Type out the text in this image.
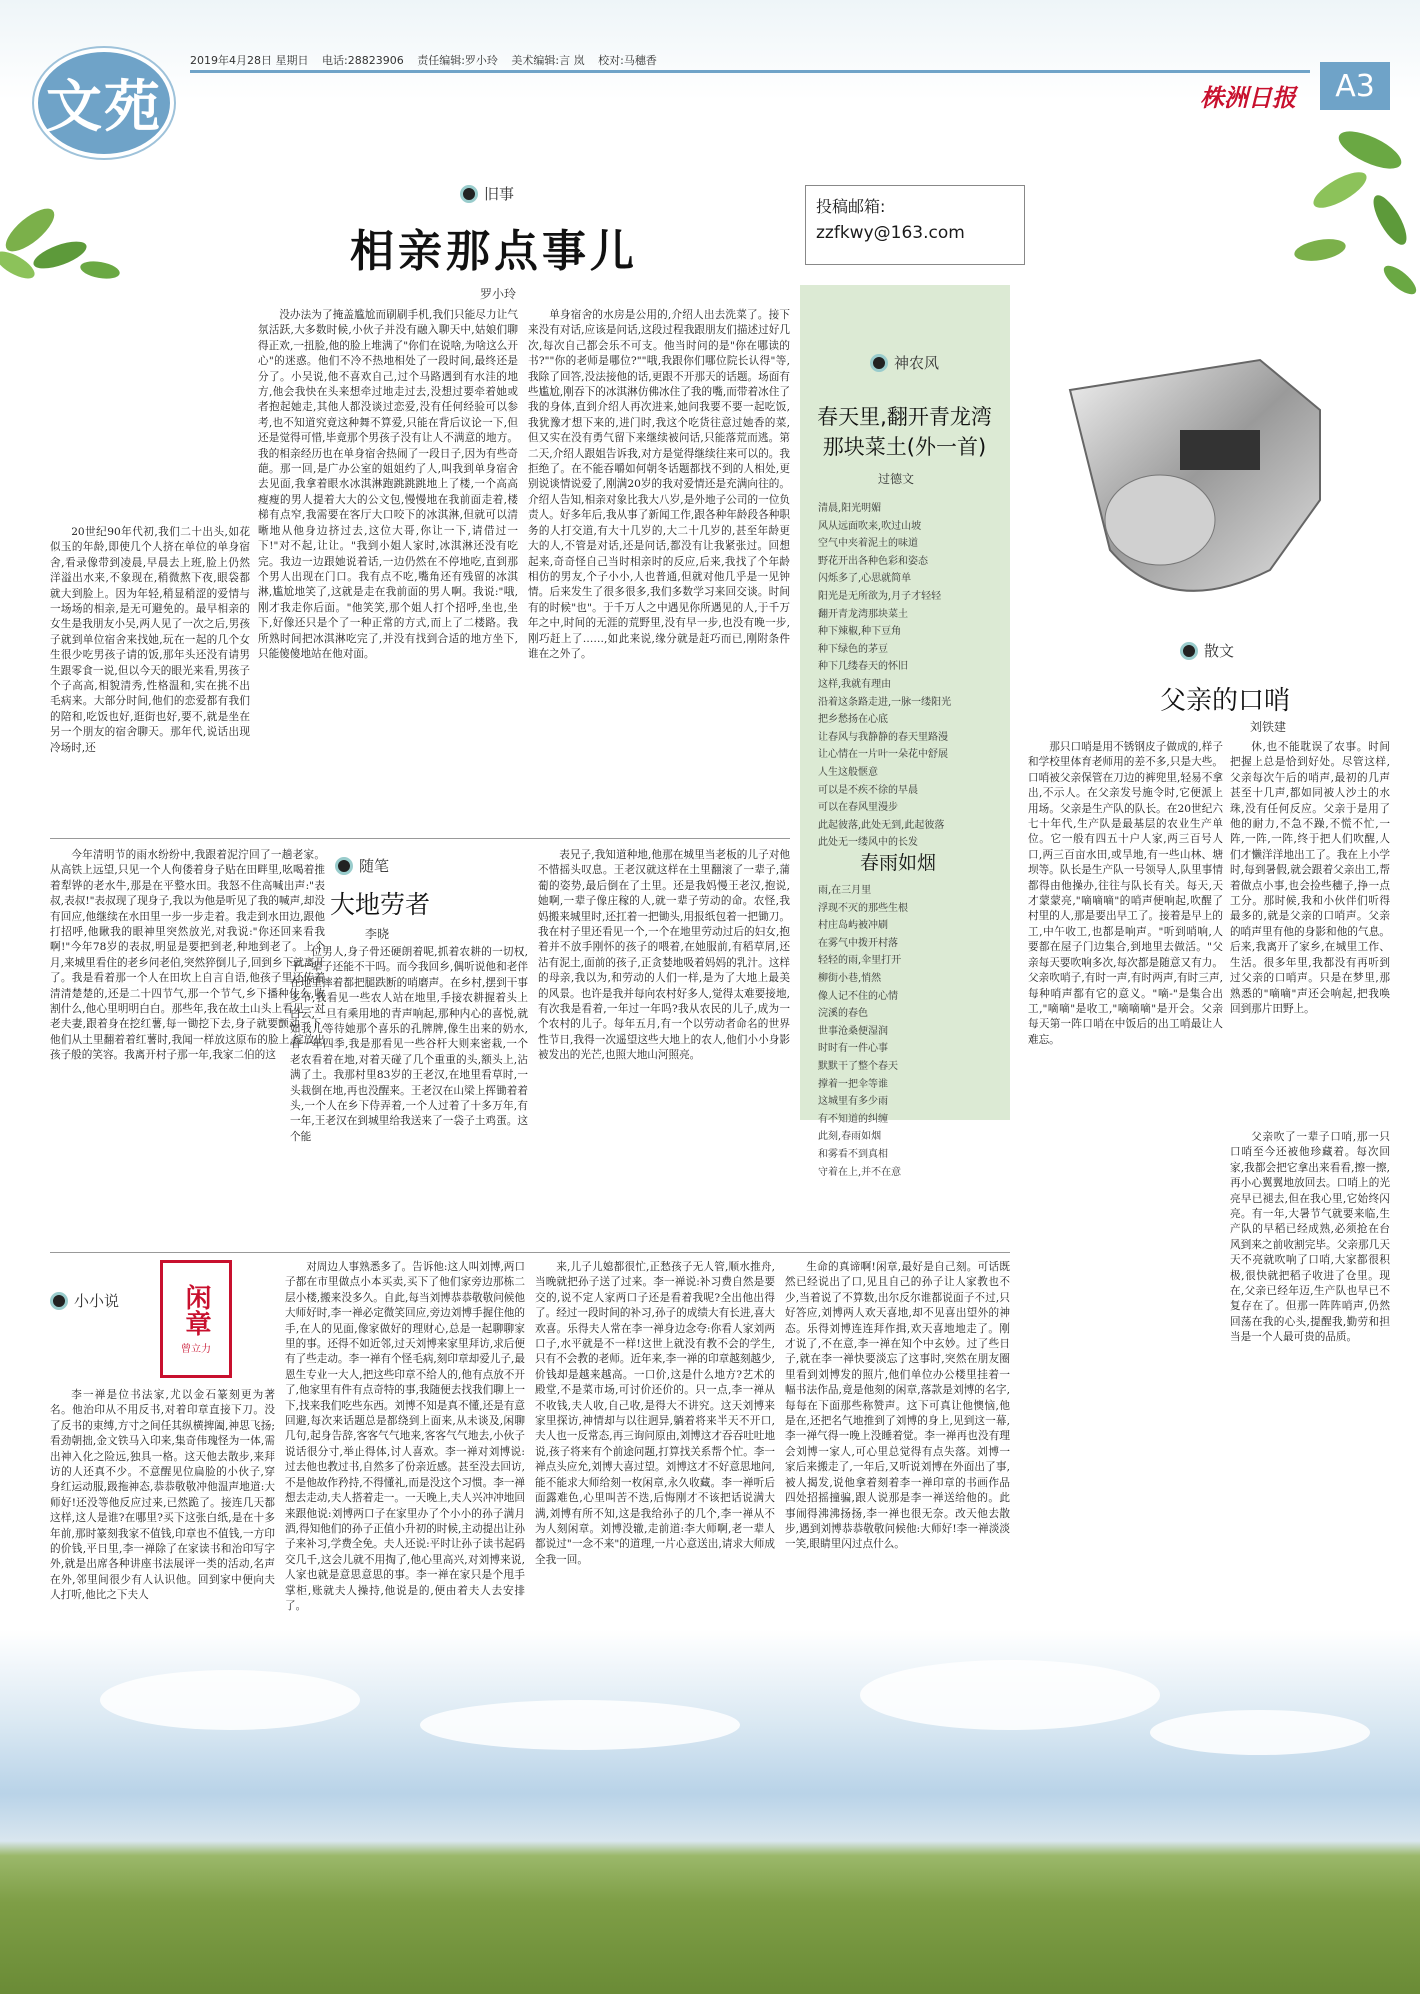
文苑
2019年4月28日 星期日 电话:28823906 责任编辑:罗小玲 美术编辑:言 岚 校对:马穗香
株洲日报	A3
旧事
相亲那点事儿
罗小玲

20世纪90年代初,我们二十出头,如花似玉的年龄,即使几个人挤在单位的单身宿舍,看录像带到凌晨,早晨去上班,脸上仍然洋溢出水来,不象现在,稍微熬下夜,眼袋都就大到脸上。因为年轻,稍显稍涩的爱情与一场场的相亲,是无可避免的。最早相亲的女生是我朋友小吴,两人见了一次之后,男孩子就到单位宿舍来找她,玩在一起的几个女生很少吃男孩子请的饭,那年头还没有请男生跟零食一说,但以今天的眼光来看,男孩子个子高高,相貌清秀,性格温和,实在挑不出毛病来。大部分时间,他们的恋爱都有我们的陪和,吃饭也好,逛街也好,要不,就是坐在另一个朋友的宿舍聊天。那年代,说话出现冷场时,还

没办法为了掩盖尴尬而刷刷手机,我们只能尽力让气氛活跃,大多数时候,小伙子并没有融入聊天中,姑娘们聊得正欢,一扭脸,他的脸上堆满了"你们在说啥,为啥这么开心"的迷惑。他们不冷不热地相处了一段时间,最终还是分了。小吴说,他不喜欢自己,过个马路遇到有水洼的地方,他会我快在头来想牵过地走过去,没想过要牵着她或者抱起她走,其他人都没谈过恋爱,没有任何经验可以参考,也不知道究竟这种舞不算爱,只能在背后议论一下,但还是觉得可惜,毕竟那个男孩子没有让人不满意的地方。我的相亲经历也在单身宿舍热闹了一段日子,因为有些奇葩。那一回,是广办公室的姐姐约了人,叫我到单身宿舍去见面,我拿着眼水冰淇淋跑跳跳跳地上了楼,一个高高瘦瘦的男人提着大大的公文包,慢慢地在我前面走着,楼梯有点窄,我需要在客厅大口咬下的冰淇淋,但就可以清晰地从他身边挤过去,这位大哥,你让一下,请借过一下!"对不起,让让。"我到小姐人家时,冰淇淋还没有吃完。我边一边跟她说着话,一边仍然在不停地吃,直到那个男人出现在门口。我有点不吃,嘴角还有残留的冰淇淋,尴尬地笑了,这就是走在我前面的男人啊。我说:"哦,刚才我走你后面。"他笑笑,那个姐人打个招呼,坐也,坐下,好像还只是个了一种正常的方式,而上了二楼路。我所熟时间把冰淇淋吃完了,并没有找到合适的地方坐下,只能傻傻地站在他对面。

单身宿舍的水房是公用的,介绍人出去洗菜了。接下来没有对话,应该是问话,这段过程我跟朋友们描述过好几次,每次自己都会乐不可支。他当时问的是"你在哪读的书?""你的老师是哪位?""哦,我跟你们哪位院长认得"等,我除了回答,没法接他的话,更跟不开那天的话题。场面有些尴尬,刚吞下的冰淇淋仿佛冰住了我的嘴,而带着冰住了我的身体,直到介绍人再次进来,她问我要不要一起吃饭,我犹豫才想下来的,进门时,我这个吃货往意过她香的菜,但又实在没有勇气留下来继续被问话,只能落荒而逃。第二天,介绍人跟姐告诉我,对方是觉得继续往来可以的。我拒绝了。在不能吞嚼如何朝冬话题都找不到的人相处,更别说谈情说爱了,刚满20岁的我对爱情还是充满向往的。介绍人告知,相亲对象比我大八岁,是外地子公司的一位负责人。好多年后,我从事了新闻工作,跟各种年龄段各种职务的人打交道,有大十几岁的,大二十几岁的,甚至年龄更大的人,不管是对话,还是问话,都没有让我紧张过。回想起来,奇奇怪自己当时相亲时的反应,后来,我找了个年龄相仿的男友,个子小小,人也普通,但就对他几乎是一见钟情。后来发生了很多很多,我们多数学习来回交谈。时间有的时候"也"。于千万人之中遇见你所遇见的人,于千万年之中,时间的无涯的荒野里,没有早一步,也没有晚一步,刚巧赶上了……,如此来说,缘分就是赶巧而已,刚附条件谁在之外了。

投稿邮箱:
zzfkwy@163.com
神农风
春天里,翻开青龙湾那块菜土(外一首)
过德文
清晨,阳光明媚
风从远面吹来,吹过山坡
空气中夹着泥土的味道
野花开出各种色彩和姿态
闪烁多了,心思就简单
阳光是无所欲为,月子才轻轻
翻开青龙湾那块菜土
种下辣椒,种下豆角
种下绿色的茅豆
种下几缕春天的怀旧
这样,我就有理由
沿着这条路走进,一脉一缕阳光
把乡愁扬在心底
让春风与我静静的春天里路漫
让心情在一片叶一朵花中舒展
人生这般惬意
可以是不疾不徐的早晨
可以在春风里漫步
此起彼落,此处无到,此起彼落
此处无一缕风中的长发
春雨如烟
雨,在三月里
浮现不灭的那些生根
村庄岛屿被冲刷
在雾气中拨开村落
轻轻的雨,伞里打开
柳街小巷,悄然
像人记不住的心情
浣溪的春色
世事沧桑便湿润
时时有一件心事
默默干了整个春天
撑着一把伞等谁
这城里有多少雨
有不知道的纠缠
此刻,春雨如烟
和雾看不到真相
守着在上,并不在意
散文
父亲的口哨
刘铁建

那只口哨是用不锈钢皮子做成的,样子和学校里体育老师用的差不多,只是大些。口哨被父亲保管在刀边的裤兜里,轻易不拿出,不示人。在父亲发号施令时,它便派上用场。父亲是生产队的队长。在20世纪六七十年代,生产队是最基层的农业生产单位。它一般有四五十户人家,两三百号人口,两三百亩水田,或旱地,有一些山林、塘坝等。队长是生产队一号领导人,队里事情都得由他操办,往往与队长有关。每天,天才蒙蒙亮,"嘀嘀嘀"的哨声便响起,吹醒了村里的人,那是要出早工了。接着是早上的工,中午收工,也都是响声。"听到哨响,人要都在屋子门边集合,到地里去做活。"父亲每天要吹响多次,每次都是随意又有力。父亲吹哨子,有时一声,有时两声,有时三声,每种哨声都有它的意义。"嘀-"是集合出工,"嘀嘀"是收工,"嘀嘀嘀"是开会。父亲每天第一阵口哨在中饭后的出工哨最让人难忘。

休,也不能耽误了农事。时间把握上总是恰到好处。尽管这样,父亲每次午后的哨声,最初的几声甚至十几声,都如同被人沙土的水珠,没有任何反应。父亲于是用了他的耐力,不急不躁,不慌不忙,一阵,一阵,一阵,终于把人们吹醒,人们才懒洋洋地出工了。我在上小学时,每到暑假,就会跟着父亲出工,帮着做点小事,也会捡些穗子,挣一点工分。那时候,我和小伙伴们听得最多的,就是父亲的口哨声。父亲的哨声里有他的身影和他的气息。后来,我离开了家乡,在城里工作、生活。很多年里,我都没有再听到过父亲的口哨声。只是在梦里,那熟悉的"嘀嘀"声还会响起,把我唤回到那片田野上。

父亲吹了一辈子口哨,那一只口哨至今还被他珍藏着。每次回家,我都会把它拿出来看看,擦一擦,再小心翼翼地放回去。口哨上的光亮早已褪去,但在我心里,它始终闪亮。有一年,大暑节气就要来临,生产队的早稻已经成熟,必须抢在台风到来之前收割完毕。父亲那几天天不亮就吹响了口哨,大家都很积极,很快就把稻子收进了仓里。现在,父亲已经年迈,生产队也早已不复存在了。但那一阵阵哨声,仍然回荡在我的心头,提醒我,勤劳和担当是一个人最可贵的品质。

随笔
大地劳者
李晓

今年清明节的雨水纷纷中,我跟着泥泞回了一趟老家。从高铁上远望,只见一个人佝偻着身子贴在田畔里,吆喝着推着犁铧的老水牛,那是在平整水田。我怒不住高喊出声:"表叔,表叔!"表叔现了现身子,我以为他是听见了我的喊声,却没有回应,他继续在水田里一步一步走着。我走到水田边,跟他打招呼,他瞅我的眼神里突然放光,对我说:"你还回来看我啊!"今年78岁的表叔,明显是要把到老,种地到老了。上个月,来城里看住的老乡问老伯,突然猝倒儿子,回到乡下就离开了。我是看着那一个人在田坎上自言自语,他孩子里还传着清清楚楚的,还是二十四节气,那一个节气,乡下播种什么,收割什么,他心里明明白白。那些年,我在故土山头上看见一对老夫妻,跟着身在挖红薯,每一锄挖下去,身子就要颤动一下,他们从土里翻着着红薯时,我闻一样放这原布的脸上,绽放出孩子般的笑容。我离开村子那一年,我家二伯的这

位男人,身子骨还硬朗着呢,抓着农耕的一切权,干一辈子还能不干吗。而今我回乡,偶听说他和老伴在地里摔着都把腿跌断的哨磨声。在乡村,摆到干事多节,我看见一些农人站在地里,手接农耕握着头上白云,一旦有乘用地的青声响起,那种内心的喜悦,就如我儿等待她那个喜乐的孔牌牌,像生出来的奶水,看一年四季,我是那看见一些谷杆大则来密栽,一个老农看着在地,对着天碰了几个重重的头,额头上,沾满了土。我那村里83岁的王老汉,在地里看草时,一头栽倒在地,再也没醒来。王老汉在山梁上挥锄着着头,一个人在乡下侍弄着,一个人过着了十多万年,有一年,王老汉在到城里给我送来了一袋子土鸡蛋。这个能

表兄子,我知道种地,他那在城里当老板的儿子对他不惜摇头叹息。王老汉就这样在土里翻滚了一辈子,蒲葡的姿势,最后倒在了土里。还是我妈慢王老汉,抱说,她啊,一辈子像庄稼的人,就一辈子劳动的命。农怪,我妈搬来城里时,还扛着一把锄头,用报纸包着一把锄刀。我在村子里还看见一个,一个在地里劳动过后的妇女,抱着并不放手刚怀的孩子的喂着,在她服前,有稻草屑,还沾有泥土,面前的孩子,正贪婪地吸着妈妈的乳汁。这样的母亲,我以为,和劳动的人们一样,是为了大地上最美的风景。也许是我并每向农村好多人,觉得太难要接地,有次我是看着,一年过一年吗?我从农民的儿子,成为一个农村的儿子。每年五月,有一个以劳动者命名的世界性节日,我得一次遥望这些大地上的农人,他们小小身影被发出的光芒,也照大地山河照亮。

小小说 闲章
曾立力

李一禅是位书法家,尤以金石篆刻更为著名。他治印从不用反书,对着印章直接下刀。没了反书的束缚,方寸之间任其纵横捭阖,神思飞扬;看劲朝拙,金文铁马入印来,集奇伟瑰怪为一体,需出神入化之险远,独具一格。这天他去散步,来拜访的人还真不少。不意醒见位扁脸的小伙子,穿身红运动服,趿拖神态,恭恭敬敬冲他温声地道:大师好!还没等他反应过来,已然跪了。接连几天都这样,这人是谁?在哪里?买下这张白纸,是在十多年前,那时篆刻我家不值钱,印章也不值钱,一方印的价钱,平日里,李一禅除了在家读书和治印写字外,就是出席各种讲座书法展评一类的活动,名声在外,邻里间很少有人认识他。回到家中便向夫人打听,他比之下夫人

对周边人事熟悉多了。告诉他:这人叫刘博,两口子都在市里做点小本买卖,买下了他们家旁边那栋二层小楼,搬来没多久。自此,每当刘博恭恭敬敬问候他大师好时,李一禅必定微笑回应,旁边刘博手握住他的手,在人的见面,像家做好的理财心,总是一起聊聊家里的事。还得不如近邻,过天刘博来家里拜访,求后便有了些走动。李一禅有个怪毛病,刻印章却爱儿子,最恩生专业一大人,把这些印章不给人的,他有点放不开了,他家里有件有点奇特的事,我随便去找我们聊上一下,找来我们吃些东西。刘博不知是真不懂,还是有意回避,每次来话题总是都绕到上面来,从未谈及,闲聊几句,起身告辞,客客气气地来,客客气气地去,小伙子说话很分寸,举止得体,讨人喜欢。李一禅对刘博说:过去他也教过书,自然多了份亲近感。甚至没去回访,不是他故作矜持,不得懂礼,而是没这个习惯。李一禅想去走动,夫人搭着走一。一天晚上,夫人兴冲冲地回来跟他说:刘博两口子在家里办了个小小的孙子满月酒,得知他们的孙子正值小升初的时候,主动提出让孙子来补习,学费全免。夫人还说:平时让孙子读书起码交几千,这会儿就不用掏了,他心里高兴,对刘博来说,人家也就是意思意思的事。李一禅在家只是个甩手掌柜,账就夫人操持,他说是的,便由着夫人去安排了。

来,儿子儿媳都很忙,正愁孩子无人管,顺水推舟,当晚就把孙子送了过来。李一禅说:补习费自然是要交的,说不定人家两口子还是看着我呢?全出他出得了。经过一段时间的补习,孙子的成绩大有长进,喜大欢喜。乐得夫人常在李一禅身边念夸:你看人家刘两口子,水平就是不一样!这世上就没有教不会的学生,只有不会教的老师。近年来,李一禅的印章越刻越少,价钱却是越来越高。一口价,这是什么地方?艺术的殿堂,不是菜市场,可讨价还价的。只一点,李一禅从不收钱,夫人收,自己收,是得大不讲究。这天刘博来家里探访,神情却与以往迥异,躺着将来半天不开口,夫人也一反常态,再三询问原由,刘博这才吞吞吐吐地说,孩子将来有个前途问题,打算找关系帮个忙。李一禅点头应允,刘博大喜过望。刘博这才不好意思地问,能不能求大师给刻一枚闲章,永久收藏。李一禅听后面露难色,心里叫苦不迭,后悔刚才不该把话说满大满,刘博有所不知,这是我给孙子的几个,李一禅从不为人刻闲章。刘博没辙,走前道:李大师啊,老一辈人都说过"一念不来"的道理,一片心意送出,请求大师成全我一回。

生命的真谛啊!闲章,最好是自己刻。可话既然已经说出了口,见且自己的孙子让人家教也不少,当着说了不算数,出尔反尔谁都说面子不过,只好答应,刘博两人欢天喜地,却不见喜出望外的神态。乐得刘博连连拜作揖,欢天喜地地走了。刚才说了,不在意,李一禅在知个中玄妙。过了些日子,就在李一禅快要淡忘了这事时,突然在朋友圈里看到刘博发的照片,他们单位办公楼里挂着一幅书法作品,竟是他刻的闲章,落款是刘博的名字,每每在下面那些称赞声。这下可真让他懊恼,他是在,还把名气地推到了刘博的身上,见到这一幕,李一禅气得一晚上没睡着觉。李一禅再也没有理会刘博一家人,可心里总觉得有点失落。刘博一家后来搬走了,一年后,又听说刘博在外面出了事,被人揭发,说他拿着刻着李一禅印章的书画作品四处招摇撞骗,跟人说那是李一禅送给他的。此事闹得沸沸扬扬,李一禅也很无奈。改天他去散步,遇到刘博恭恭敬敬问候他:大师好!李一禅淡淡一笑,眼睛里闪过点什么。
